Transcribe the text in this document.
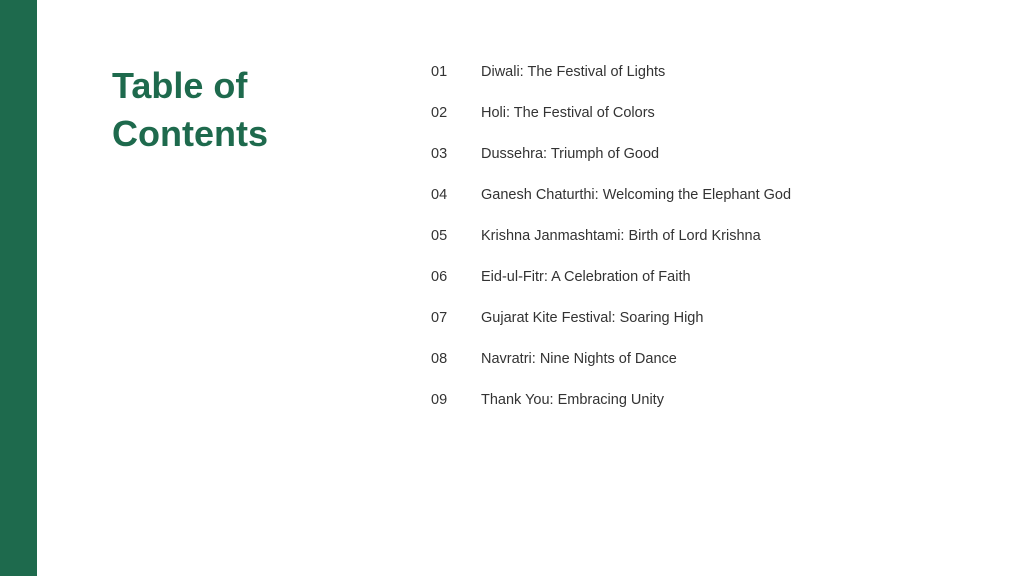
Table of
Contents
01	Diwali: The Festival of Lights
02	Holi: The Festival of Colors
03	Dussehra: Triumph of Good
04	Ganesh Chaturthi: Welcoming the Elephant God
05	Krishna Janmashtami: Birth of Lord Krishna
06	Eid-ul-Fitr: A Celebration of Faith
07	Gujarat Kite Festival: Soaring High
08	Navratri: Nine Nights of Dance
09	Thank You: Embracing Unity
